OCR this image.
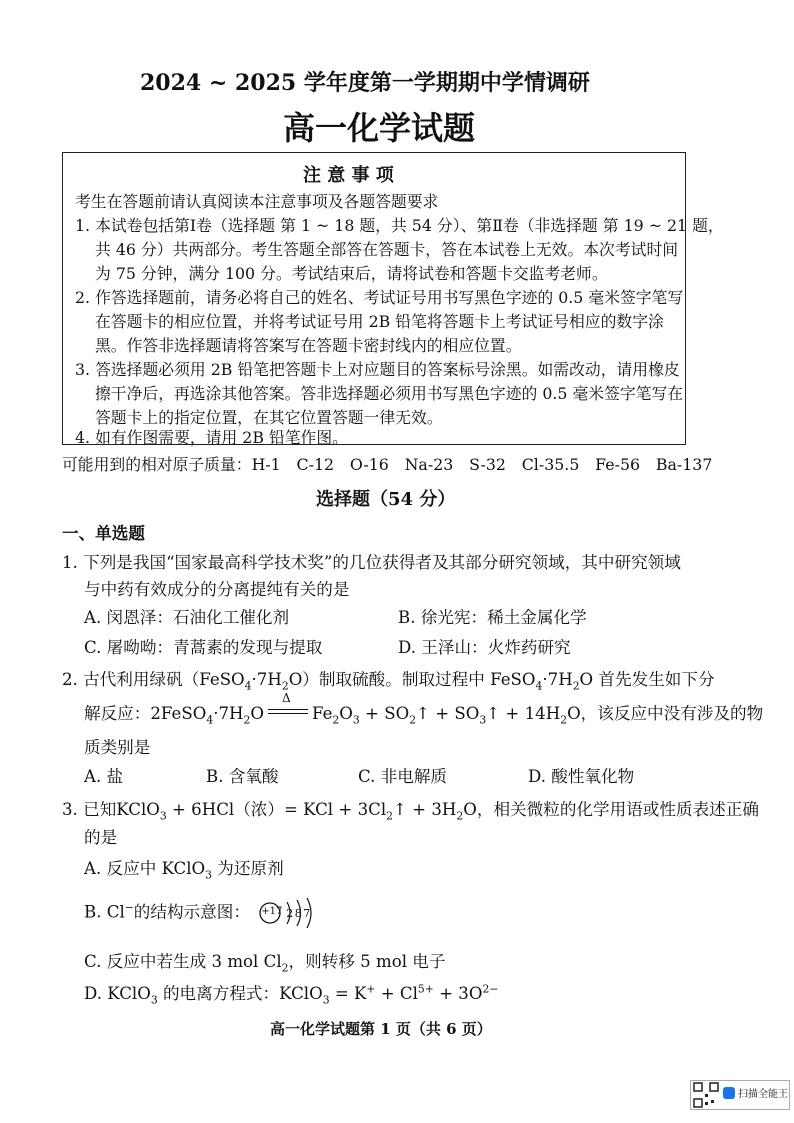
2024 ~ 2025 学年度第一学期期中学情调研
高一化学试题
注 意 事 项
考生在答题前请认真阅读本注意事项及各题答题要求
1. 本试卷包括第Ⅰ卷（选择题 第 1 ~ 18 题，共 54 分）、第Ⅱ卷（非选择题 第 19 ~ 21 题，
共 46 分）共两部分。考生答题全部答在答题卡，答在本试卷上无效。本次考试时间
为 75 分钟，满分 100 分。考试结束后，请将试卷和答题卡交监考老师。
2. 作答选择题前，请务必将自己的姓名、考试证号用书写黑色字迹的 0.5 毫米签字笔写
在答题卡的相应位置，并将考试证号用 2B 铅笔将答题卡上考试证号相应的数字涂
黑。作答非选择题请将答案写在答题卡密封线内的相应位置。
3. 答选择题必须用 2B 铅笔把答题卡上对应题目的答案标号涂黑。如需改动，请用橡皮
擦干净后，再选涂其他答案。答非选择题必须用书写黑色字迹的 0.5 毫米签字笔写在
答题卡上的指定位置，在其它位置答题一律无效。
4. 如有作图需要，请用 2B 铅笔作图。
可能用到的相对原子质量：H-1　C-12　O-16　Na-23　S-32　Cl-35.5　Fe-56　Ba-137
选择题（54 分）
一、单选题
1. 下列是我国“国家最高科学技术奖”的几位获得者及其部分研究领域，其中研究领域
与中药有效成分的分离提纯有关的是
A. 闵恩泽：石油化工催化剂	B. 徐光宪：稀土金属化学
C. 屠呦呦：青蒿素的发现与提取	D. 王泽山：火炸药研究
2. 古代利用绿矾$(FeSO_4\cdot 7H_2O)$制取硫酸。制取过程中 $FeSO_4\cdot 7H_2O$ 首先发生如下分
解反应：$2FeSO_4\cdot 7H_2O$
Δ
$Fe_2O_3$ + $SO_2↑$ + $SO_3↑ + 14H_2O$，该反应中没有涉及的物
质类别是
A. 盐	B. 含氧酸	C. 非电解质	D. 酸性氧化物
3. 已知KClO$_3$ + 6HCl（浓）= KCl + $3Cl_2↑ + 3H_2O$，相关微粒的化学用语或性质表述正确
的是
A. 反应中 KClO$_3$ 为还原剂
B. Cl−的结构示意图： +17 2 8 7
C. 反应中若生成 3 mol $Cl_2$，则转移 5 mol 电子
D. KClO$_3$ 的电离方程式：KClO$_3$ = $K^+ + Cl^{5+} + 3O^{2-}$
高一化学试题第 1 页（共 6 页）
扫描全能王
